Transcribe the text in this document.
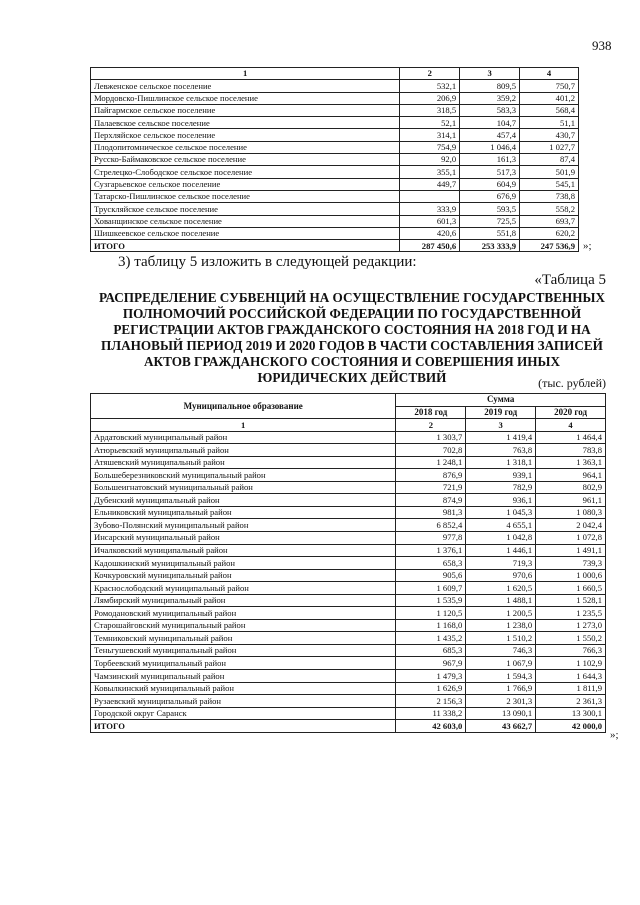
938
1	2	3	4
Левженское сельское поселение	532,1	809,5	750,7
Мордовско-Пишлинское сельское поселение	206,9	359,2	401,2
Пайгармское сельское поселение	318,5	583,3	568,4
Палаевское сельское поселение	52,1	104,7	51,1
Перхляйское сельское поселение	314,1	457,4	430,7
Плодопитомническое сельское поселение	754,9	1 046,4	1 027,7
Русско-Баймаковское сельское поселение	92,0	161,3	87,4
Стрелецко-Слободское сельское поселение	355,1	517,3	501,9
Сузгарьевское сельское поселение	449,7	604,9	545,1
Татарско-Пишлинское сельское поселение		676,9	738,8
Трускляйское сельское поселение	333,9	593,5	558,2
Хованщинское сельское поселение	601,3	725,5	693,7
Шишкеевское сельское поселение	420,6	551,8	620,2
ИТОГО	287 450,6	253 333,9	247 536,9 »;
3) таблицу 5 изложить в следующей редакции:
«Таблица 5
РАСПРЕДЕЛЕНИЕ СУБВЕНЦИЙ НА ОСУЩЕСТВЛЕНИЕ ГОСУДАРСТВЕННЫХ ПОЛНОМОЧИЙ РОССИЙСКОЙ ФЕДЕРАЦИИ ПО ГОСУДАРСТВЕННОЙ РЕГИСТРАЦИИ АКТОВ ГРАЖДАНСКОГО СОСТОЯНИЯ НА 2018 ГОД И НА ПЛАНОВЫЙ ПЕРИОД 2019 И 2020 ГОДОВ В ЧАСТИ СОСТАВЛЕНИЯ ЗАПИСЕЙ АКТОВ ГРАЖДАНСКОГО СОСТОЯНИЯ И СОВЕРШЕНИЯ ИНЫХ ЮРИДИЧЕСКИХ ДЕЙСТВИЙ	(тыс. рублей)
Муниципальное образование	Сумма		
	2018 год	2019 год	2020 год
1	2	3	4
Ардатовский муниципальный район	1 303,7	1 419,4	1 464,4
Атюрьевский муниципальный район	702,8	763,8	783,8
Атяшевский муниципальный район	1 248,1	1 318,1	1 363,1
Большеберезниковский муниципальный район	876,9	939,1	964,1
Большеигнатовский муниципальный район	721,9	782,9	802,9
Дубенский муниципальный район	874,9	936,1	961,1
Ельниковский муниципальный район	981,3	1 045,3	1 080,3
Зубово-Полянский муниципальный район	6 852,4	4 655,1	2 042,4
Инсарский муниципальный район	977,8	1 042,8	1 072,8
Ичалковский муниципальный район	1 376,1	1 446,1	1 491,1
Кадошкинский муниципальный район	658,3	719,3	739,3
Кочкуровский муниципальный район	905,6	970,6	1 000,6
Краснослободский муниципальный район	1 609,7	1 620,5	1 660,5
Лямбирский муниципальный район	1 535,9	1 488,1	1 528,1
Ромодановский муниципальный район	1 120,5	1 200,5	1 235,5
Старошайговский муниципальный район	1 168,0	1 238,0	1 273,0
Темниковский муниципальный район	1 435,2	1 510,2	1 550,2
Теньгушевский муниципальный район	685,3	746,3	766,3
Торбеевский муниципальный район	967,9	1 067,9	1 102,9
Чамзинский муниципальный район	1 479,3	1 594,3	1 644,3
Ковылкинский муниципальный район	1 626,9	1 766,9	1 811,9
Рузаевский муниципальный район	2 156,3	2 301,3	2 361,3
Городской округ Саранск	11 338,2	13 090,1	13 300,1
ИТОГО	42 603,0	43 662,7	42 000,0
»;
